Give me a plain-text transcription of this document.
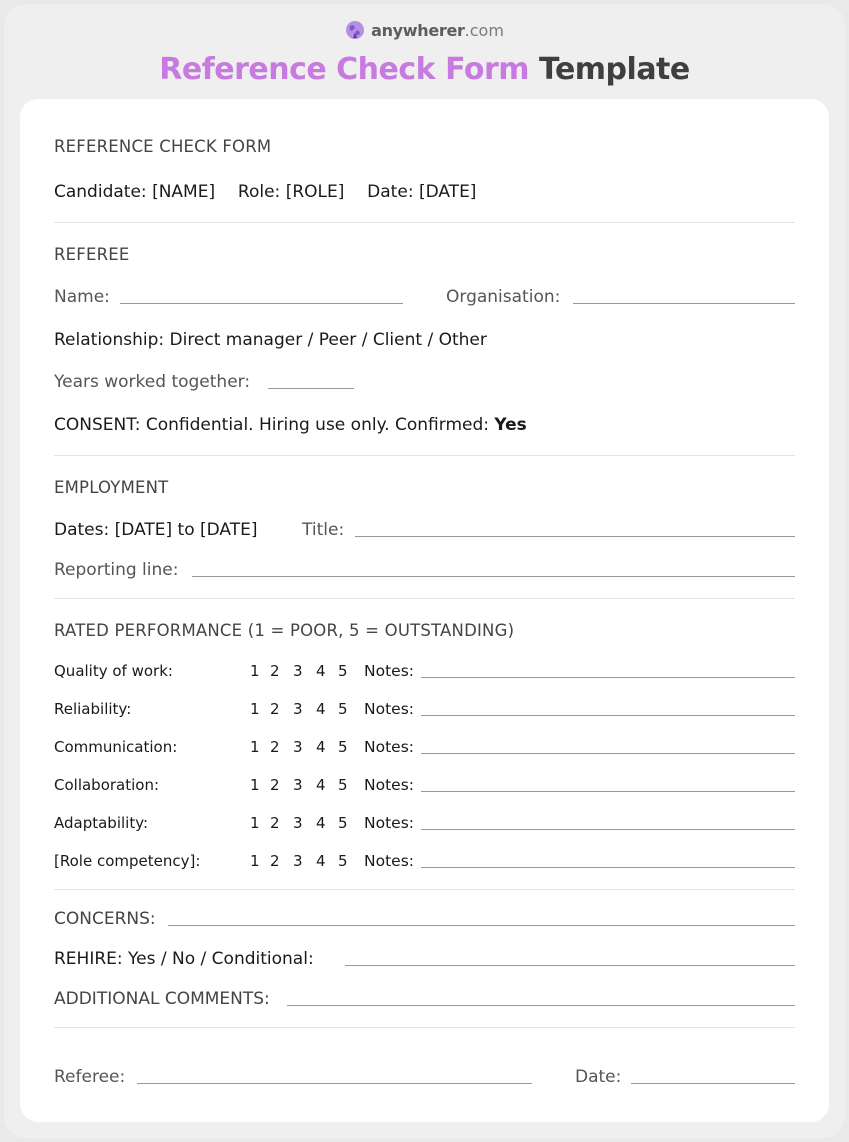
anywherer.com
Reference Check Form Template
REFERENCE CHECK FORM
Candidate: [NAME] Role: [ROLE] Date: [DATE]
REFEREE
Name:	Organisation:
Relationship: Direct manager / Peer / Client / Other
Years worked together:
CONSENT: Confidential. Hiring use only. Confirmed: Yes
EMPLOYMENT
Dates: [DATE] to [DATE]	Title:
Reporting line:
RATED PERFORMANCE (1 = POOR, 5 = OUTSTANDING)
Quality of work:	1 2 3 4 5 Notes:
Reliability:	1 2 3 4 5 Notes:
Communication:	1 2 3 4 5 Notes:
Collaboration:	1 2 3 4 5 Notes:
Adaptability:	1 2 3 4 5 Notes:
[Role competency]:	1 2 3 4 5 Notes:
CONCERNS:
REHIRE: Yes / No / Conditional:
ADDITIONAL COMMENTS:
Referee:	Date:
